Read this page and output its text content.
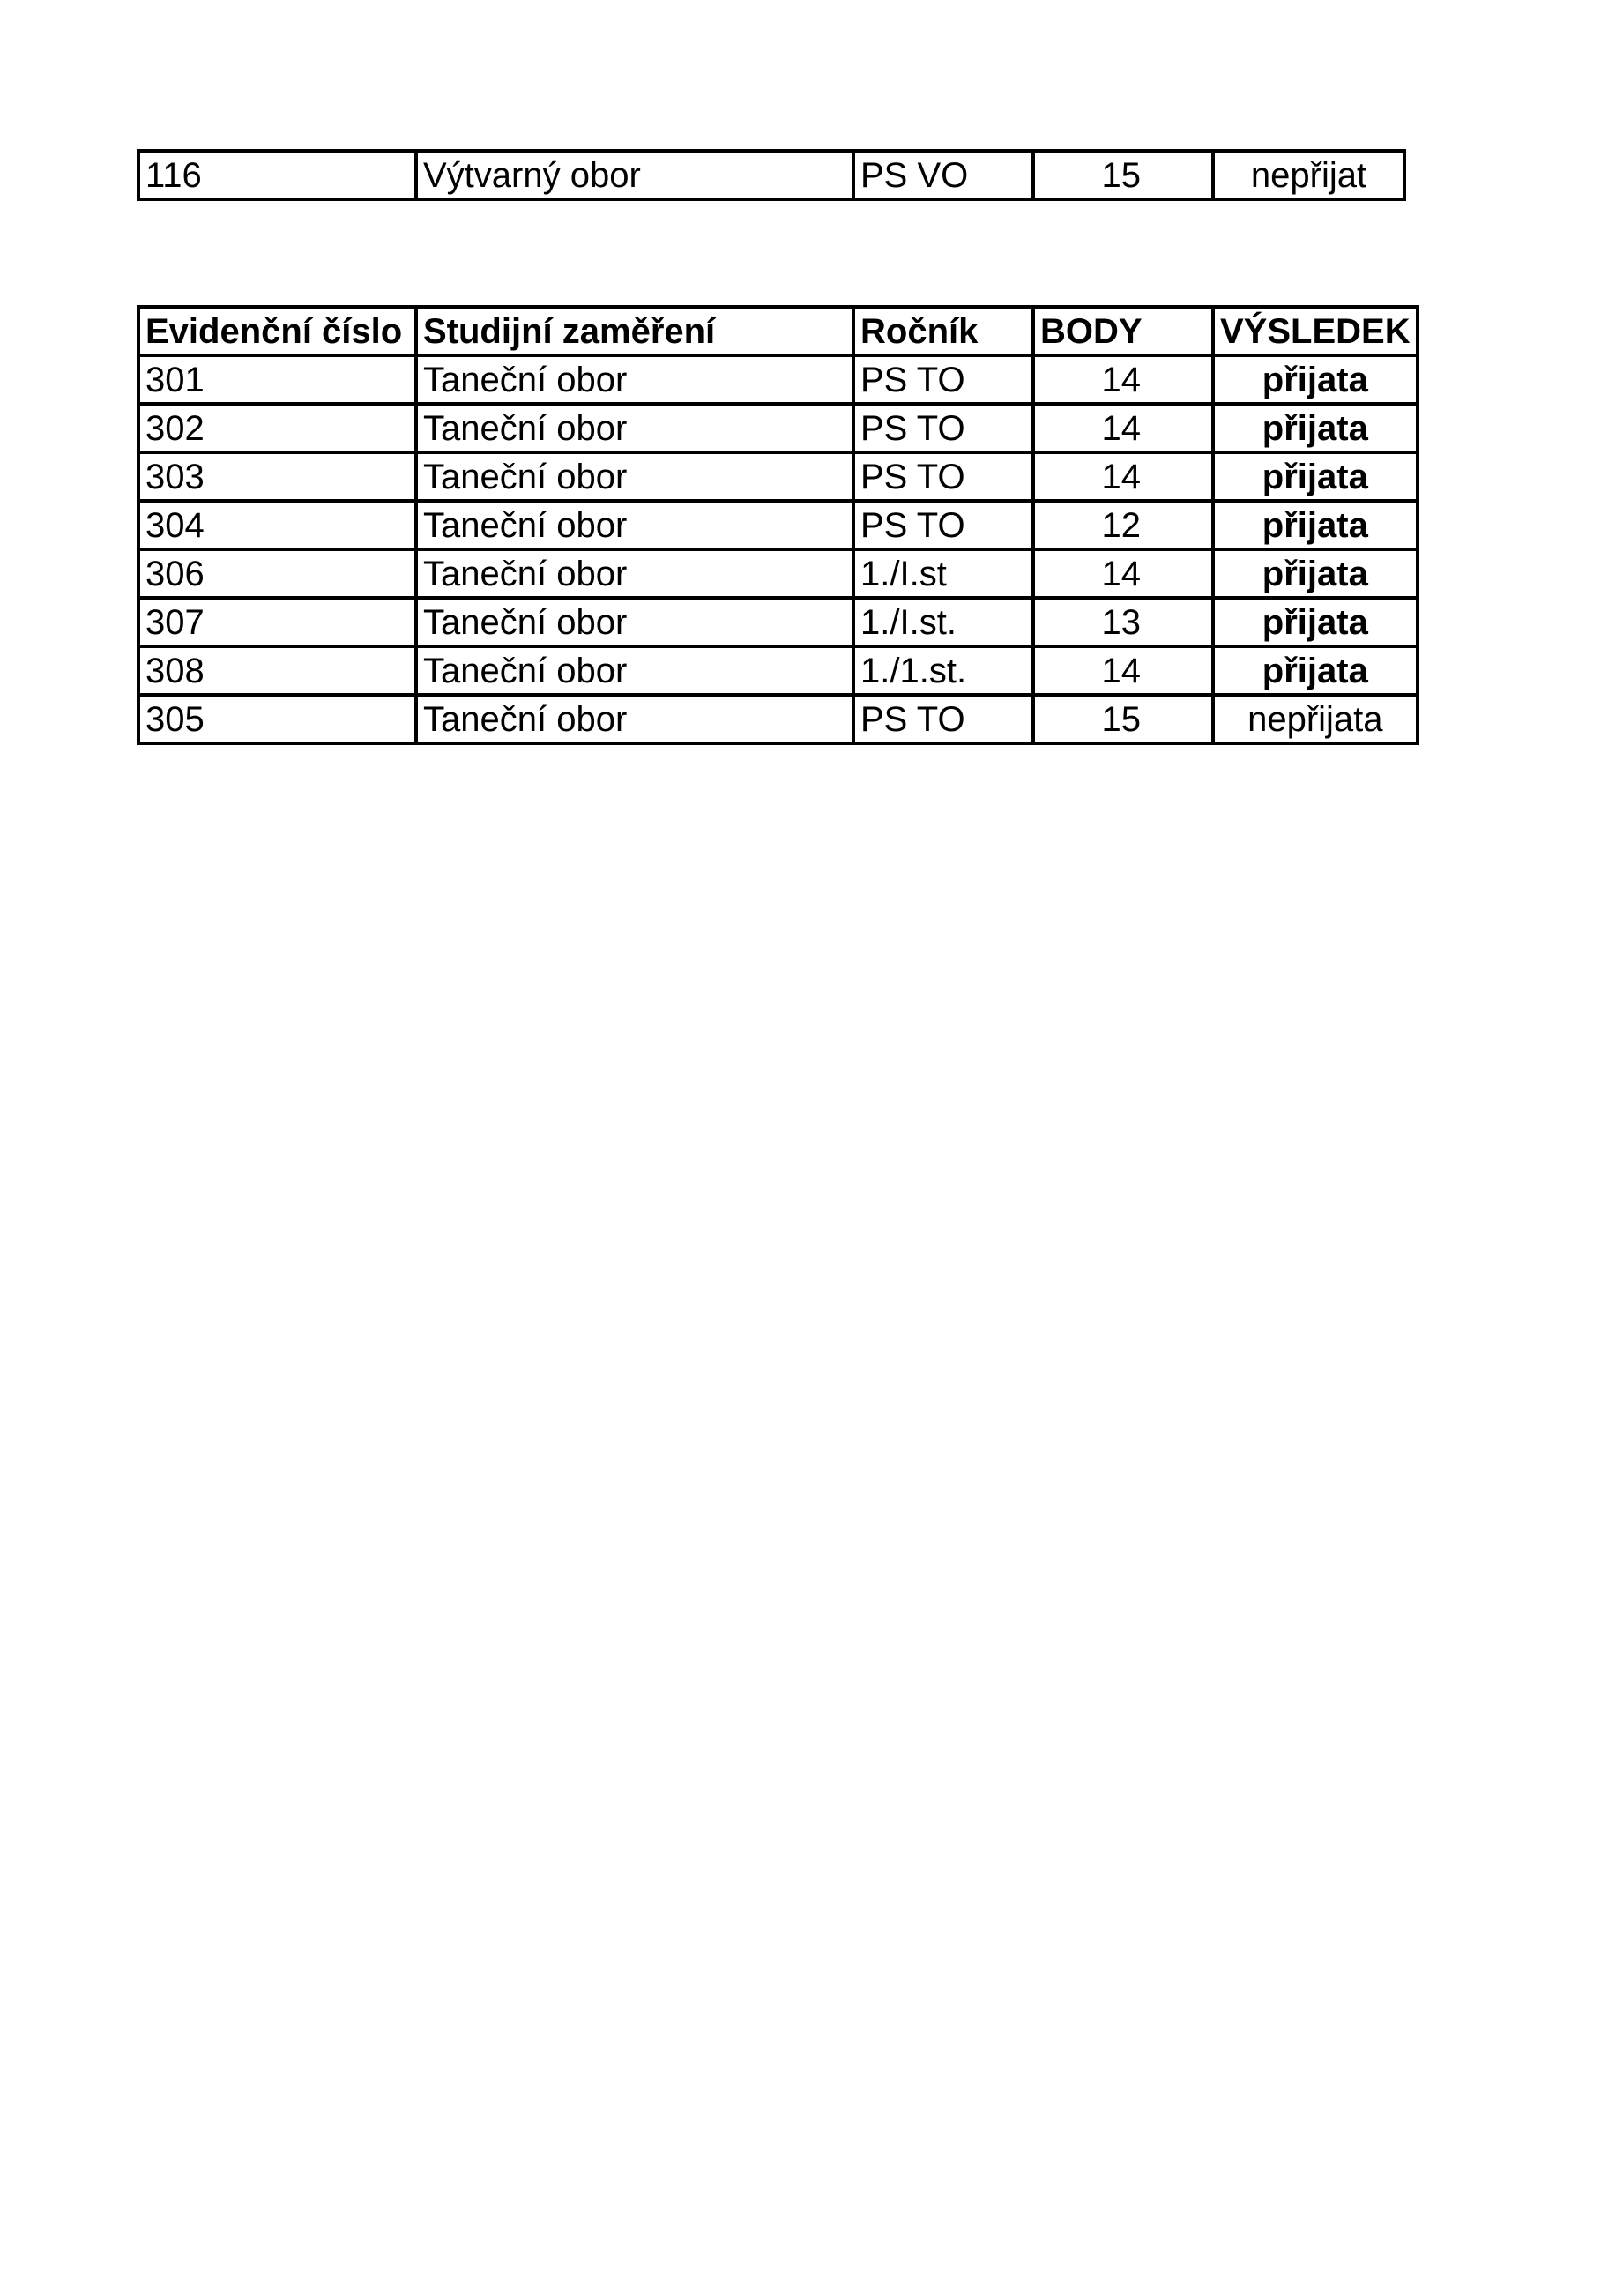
116	Výtvarný obor	PS VO	15	nepřijat
Evidenční číslo	Studijní zaměření	Ročník	BODY	VÝSLEDEK
301	Taneční obor	PS TO	14	přijata
302	Taneční obor	PS TO	14	přijata
303	Taneční obor	PS TO	14	přijata
304	Taneční obor	PS TO	12	přijata
306	Taneční obor	1./I.st	14	přijata
307	Taneční obor	1./I.st.	13	přijata
308	Taneční obor	1./1.st.	14	přijata
305	Taneční obor	PS TO	15	nepřijata
